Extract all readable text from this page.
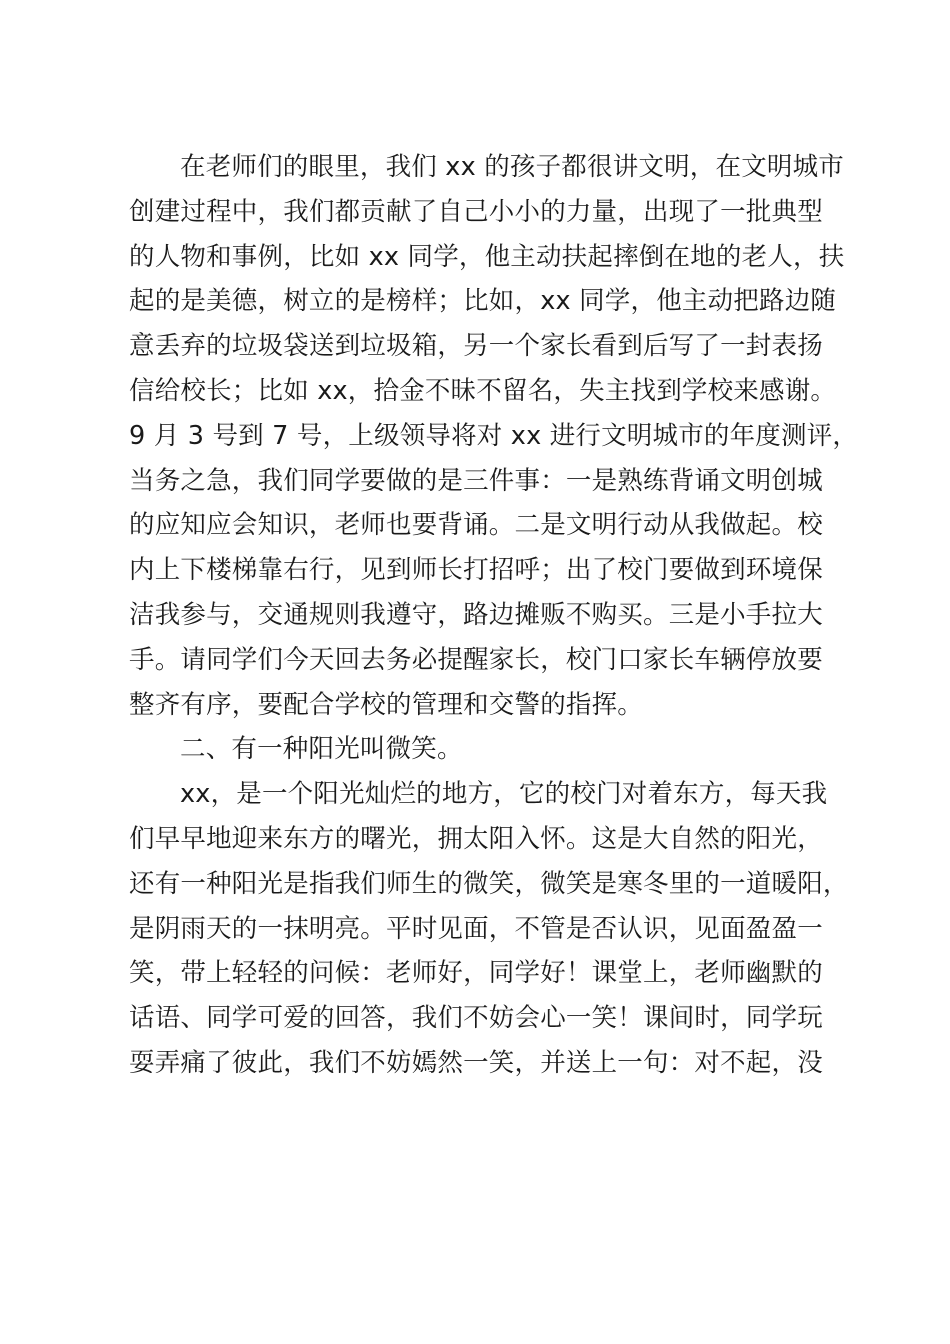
在老师们的眼里，我们 xx 的孩子都很讲文明，在文明城市
创建过程中，我们都贡献了自己小小的力量，出现了一批典型
的人物和事例，比如 xx 同学，他主动扶起摔倒在地的老人，扶
起的是美德，树立的是榜样；比如，xx 同学，他主动把路边随
意丢弃的垃圾袋送到垃圾箱，另一个家长看到后写了一封表扬
信给校长；比如 xx，拾金不昧不留名，失主找到学校来感谢。
9 月 3 号到 7 号，上级领导将对 xx 进行文明城市的年度测评，
当务之急，我们同学要做的是三件事：一是熟练背诵文明创城
的应知应会知识，老师也要背诵。二是文明行动从我做起。校
内上下楼梯靠右行，见到师长打招呼；出了校门要做到环境保
洁我参与，交通规则我遵守，路边摊贩不购买。三是小手拉大
手。请同学们今天回去务必提醒家长，校门口家长车辆停放要
整齐有序，要配合学校的管理和交警的指挥。
二、有一种阳光叫微笑。
xx，是一个阳光灿烂的地方，它的校门对着东方，每天我
们早早地迎来东方的曙光，拥太阳入怀。这是大自然的阳光，
还有一种阳光是指我们师生的微笑，微笑是寒冬里的一道暖阳，
是阴雨天的一抹明亮。平时见面，不管是否认识，见面盈盈一
笑，带上轻轻的问候：老师好，同学好！课堂上，老师幽默的
话语、同学可爱的回答，我们不妨会心一笑！课间时，同学玩
耍弄痛了彼此，我们不妨嫣然一笑，并送上一句：对不起，没
